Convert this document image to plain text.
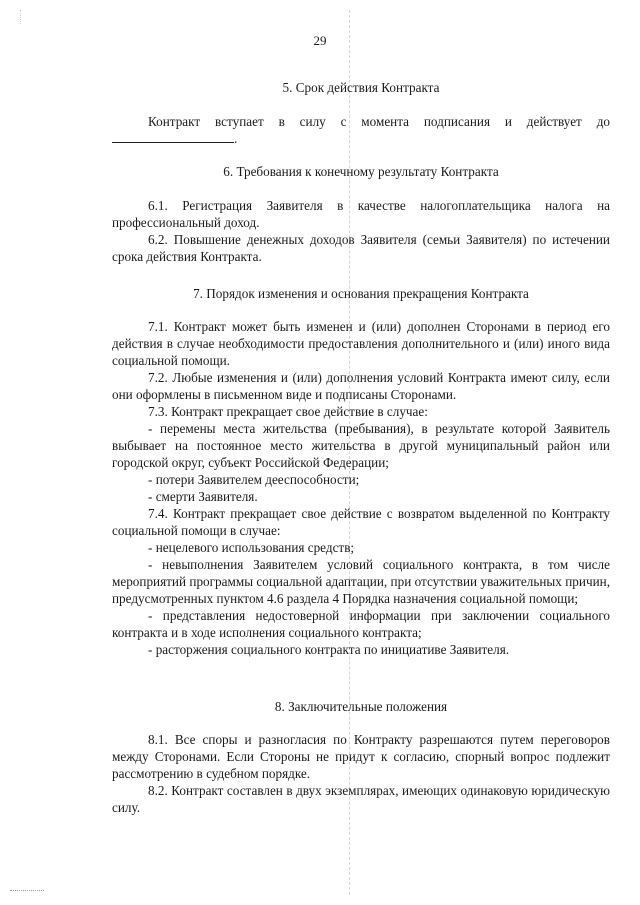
29
5. Срок действия Контракта

Контракт вступает в силу с момента подписания и действует до .

6. Требования к конечному результату Контракта

6.1. Регистрация Заявителя в качестве налогоплательщика налога на профессиональный доход.

6.2. Повышение денежных доходов Заявителя (семьи Заявителя) по истечении срока действия Контракта.

7. Порядок изменения и основания прекращения Контракта

7.1. Контракт может быть изменен и (или) дополнен Сторонами в период его действия в случае необходимости предоставления дополнительного и (или) иного вида социальной помощи.

7.2. Любые изменения и (или) дополнения условий Контракта имеют силу, если они оформлены в письменном виде и подписаны Сторонами.

7.3. Контракт прекращает свое действие в случае:

- перемены места жительства (пребывания), в результате которой Заявитель выбывает на постоянное место жительства в другой муниципальный район или городской округ, субъект Российской Федерации;

- потери Заявителем дееспособности;

- смерти Заявителя.

7.4. Контракт прекращает свое действие с возвратом выделенной по Контракту социальной помощи в случае:

- нецелевого использования средств;

- невыполнения Заявителем условий социального контракта, в том числе мероприятий программы социальной адаптации, при отсутствии уважительных причин, предусмотренных пунктом 4.6 раздела 4 Порядка назначения социальной помощи;

- представления недостоверной информации при заключении социального контракта и в ходе исполнения социального контракта;

- расторжения социального контракта по инициативе Заявителя.

8. Заключительные положения

8.1. Все споры и разногласия по Контракту разрешаются путем переговоров между Сторонами. Если Стороны не придут к согласию, спорный вопрос подлежит рассмотрению в судебном порядке.

8.2. Контракт составлен в двух экземплярах, имеющих одинаковую юридическую силу.
